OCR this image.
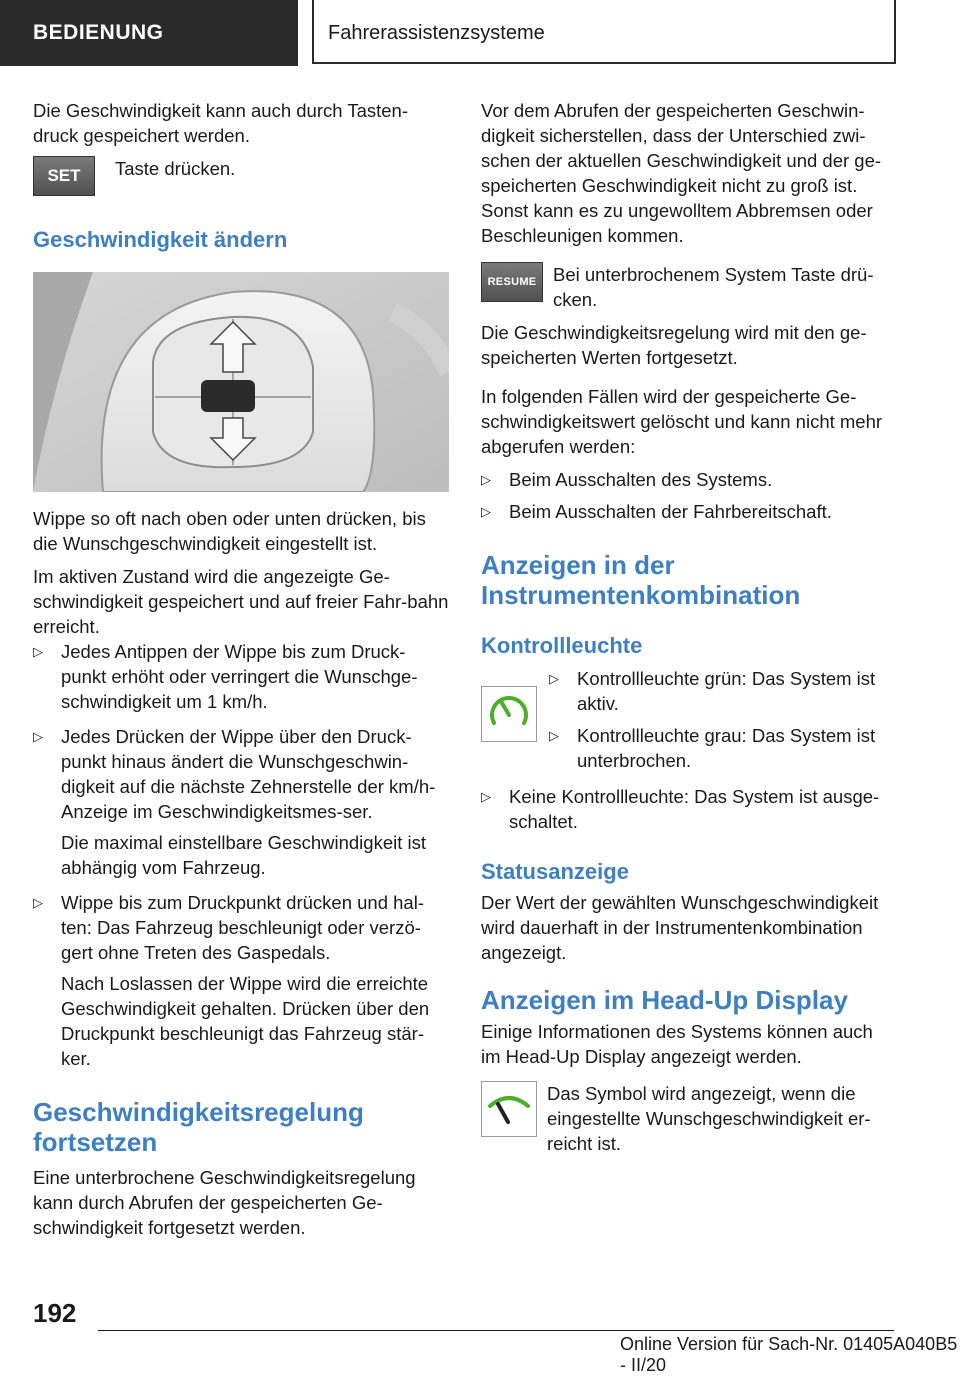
BEDIENUNG	Fahrerassistenzsysteme

Die Geschwindigkeit kann auch durch Tasten-druck gespeichert werden.

SET	Taste drücken.

Geschwindigkeit ändern

Wippe so oft nach oben oder unten drücken, bis die Wunschgeschwindigkeit eingestellt ist.

Im aktiven Zustand wird die angezeigte Ge-schwindigkeit gespeichert und auf freier Fahr-bahn erreicht.

▷ Jedes Antippen der Wippe bis zum Druck-punkt erhöht oder verringert die Wunschge-schwindigkeit um 1 km/h.
▷ Jedes Drücken der Wippe über den Druck-punkt hinaus ändert die Wunschgeschwin-digkeit auf die nächste Zehnerstelle der km/h-Anzeige im Geschwindigkeitsmes-ser.
Die maximal einstellbare Geschwindigkeit ist abhängig vom Fahrzeug.
▷ Wippe bis zum Druckpunkt drücken und hal-ten: Das Fahrzeug beschleunigt oder verzö-gert ohne Treten des Gaspedals.
Nach Loslassen der Wippe wird die erreichte Geschwindigkeit gehalten. Drücken über den Druckpunkt beschleunigt das Fahrzeug stär-ker.
Geschwindigkeitsregelung fortsetzen

Eine unterbrochene Geschwindigkeitsregelung kann durch Abrufen der gespeicherten Ge-schwindigkeit fortgesetzt werden.

Vor dem Abrufen der gespeicherten Geschwin-digkeit sicherstellen, dass der Unterschied zwi-schen der aktuellen Geschwindigkeit und der ge-speicherten Geschwindigkeit nicht zu groß ist. Sonst kann es zu ungewolltem Abbremsen oder Beschleunigen kommen.

RESUME Bei unterbrochenem System Taste drü-cken.

Die Geschwindigkeitsregelung wird mit den ge-speicherten Werten fortgesetzt.

In folgenden Fällen wird der gespeicherte Ge-schwindigkeitswert gelöscht und kann nicht mehr abgerufen werden:

▷ Beim Ausschalten des Systems.
▷ Beim Ausschalten der Fahrbereitschaft.
Anzeigen in der Instrumentenkombination
Kontrollleuchte
▷ Kontrollleuchte grün: Das System ist aktiv.
▷ Kontrollleuchte grau: Das System ist unterbrochen.
▷ Keine Kontrollleuchte: Das System ist ausge-schaltet.
Statusanzeige

Der Wert der gewählten Wunschgeschwindigkeit wird dauerhaft in der Instrumentenkombination angezeigt.

Anzeigen im Head-Up Display

Einige Informationen des Systems können auch im Head-Up Display angezeigt werden.

Das Symbol wird angezeigt, wenn die eingestellte Wunschgeschwindigkeit er-reicht ist.

192
Online Version für Sach-Nr. 01405A040B5 - II/20
